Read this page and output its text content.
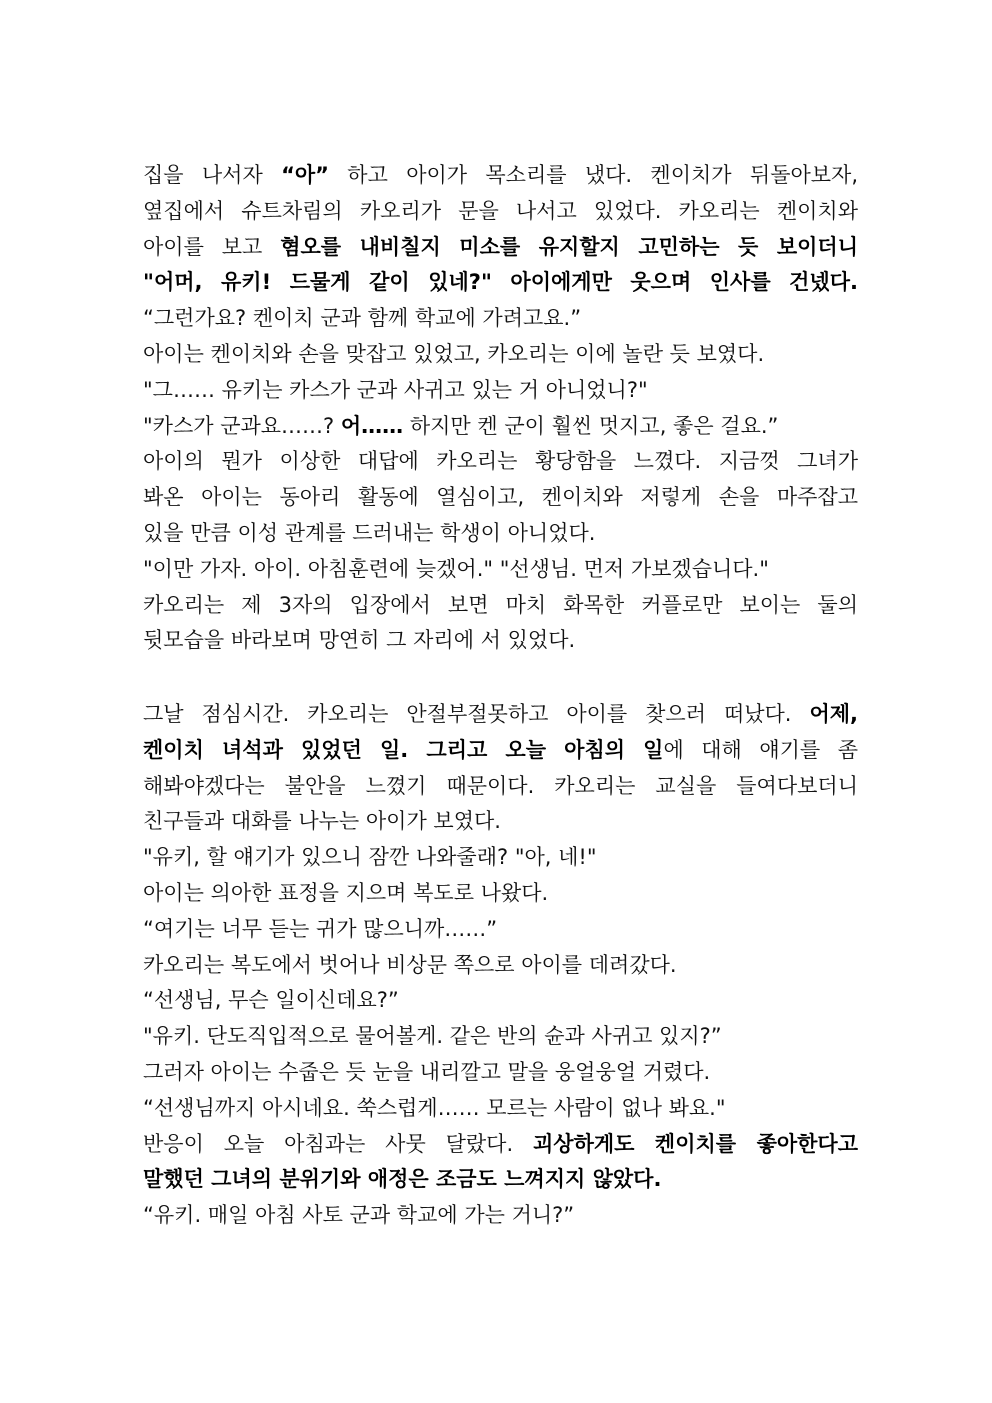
집을 나서자 “아” 하고 아이가 목소리를 냈다. 켄이치가 뒤돌아보자,
옆집에서 슈트차림의 카오리가 문을 나서고 있었다. 카오리는 켄이치와
아이를 보고 혐오를 내비칠지 미소를 유지할지 고민하는 듯 보이더니
"어머, 유키! 드물게 같이 있네?" 아이에게만 웃으며 인사를 건넸다.
“그런가요? 켄이치 군과 함께 학교에 가려고요.”
아이는 켄이치와 손을 맞잡고 있었고, 카오리는 이에 놀란 듯 보였다.
"그…… 유키는 카스가 군과 사귀고 있는 거 아니었니?"
"카스가 군과요……? 어…… 하지만 켄 군이 훨씬 멋지고, 좋은 걸요.”
아이의 뭔가 이상한 대답에 카오리는 황당함을 느꼈다. 지금껏 그녀가
봐온 아이는 동아리 활동에 열심이고, 켄이치와 저렇게 손을 마주잡고
있을 만큼 이성 관계를 드러내는 학생이 아니었다.
"이만 가자. 아이. 아침훈련에 늦겠어." "선생님. 먼저 가보겠습니다."
카오리는 제 3자의 입장에서 보면 마치 화목한 커플로만 보이는 둘의
뒷모습을 바라보며 망연히 그 자리에 서 있었다.
그날 점심시간. 카오리는 안절부절못하고 아이를 찾으러 떠났다. 어제,
켄이치 녀석과 있었던 일. 그리고 오늘 아침의 일에 대해 얘기를 좀
해봐야겠다는 불안을 느꼈기 때문이다. 카오리는 교실을 들여다보더니
친구들과 대화를 나누는 아이가 보였다.
"유키, 할 얘기가 있으니 잠깐 나와줄래? "아, 네!"
아이는 의아한 표정을 지으며 복도로 나왔다.
“여기는 너무 듣는 귀가 많으니까……”
카오리는 복도에서 벗어나 비상문 쪽으로 아이를 데려갔다.
“선생님, 무슨 일이신데요?”
"유키. 단도직입적으로 물어볼게. 같은 반의 슌과 사귀고 있지?”
그러자 아이는 수줍은 듯 눈을 내리깔고 말을 웅얼웅얼 거렸다.
“선생님까지 아시네요. 쑥스럽게…… 모르는 사람이 없나 봐요."
반응이 오늘 아침과는 사뭇 달랐다. 괴상하게도 켄이치를 좋아한다고
말했던 그녀의 분위기와 애정은 조금도 느껴지지 않았다.
“유키. 매일 아침 사토 군과 학교에 가는 거니?”
